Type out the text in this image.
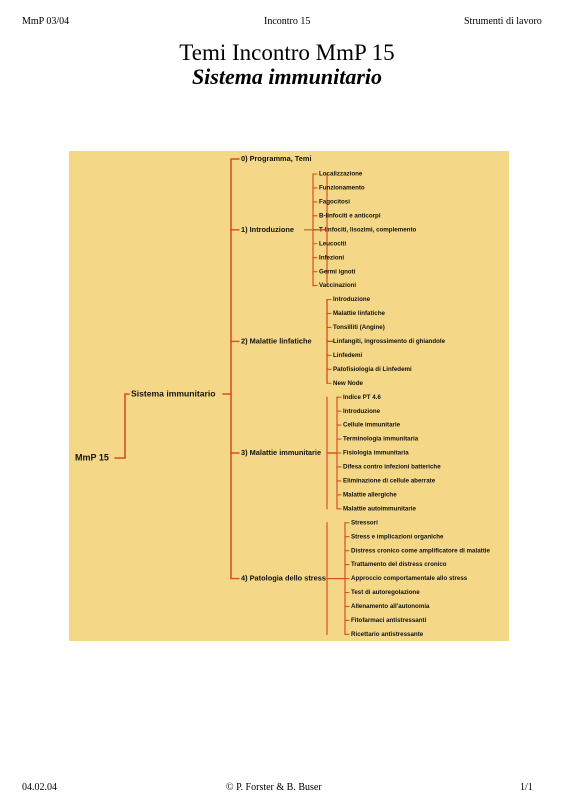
MmP 03/04	Incontro 15	Strumenti di lavoro
Temi Incontro MmP 15
Sistema immunitario
MmP 15
Sistema immunitario
0) Programma, Temi
1) Introduzione
Localizzazione
Funzionamento
Fagocitosi
B-linfociti e anticorpi
T-linfociti, lisozimi, complemento
Leucociti
Infezioni
Germi ignoti
Vaccinazioni
2) Malattie linfatiche
Introduzione
Malattie linfatiche
Tonsilliti (Angine)
Linfangiti, ingrossimento di ghiandole
Linfedemi
Patofisiologia di Linfedemi
New Node
3) Malattie immunitarie
Indice PT 4.6
Introduzione
Cellule immunitarie
Terminologia immunitaria
Fisiologia immunitaria
Difesa contro infezioni batteriche
Eliminazione di cellule aberrate
Malattie allergiche
Malattie autoimmunitarie
4) Patologia dello stress
Stressori
Stress e implicazioni organiche
Distress cronico come amplificatore di malattie
Trattamento del distress cronico
Approccio comportamentale allo stress
Test di autoregolazione
Allenamento all'autonomia
Fitofarmaci antistressanti
Ricettario antistressante
04.02.04	© P. Forster & B. Buser	1/1
